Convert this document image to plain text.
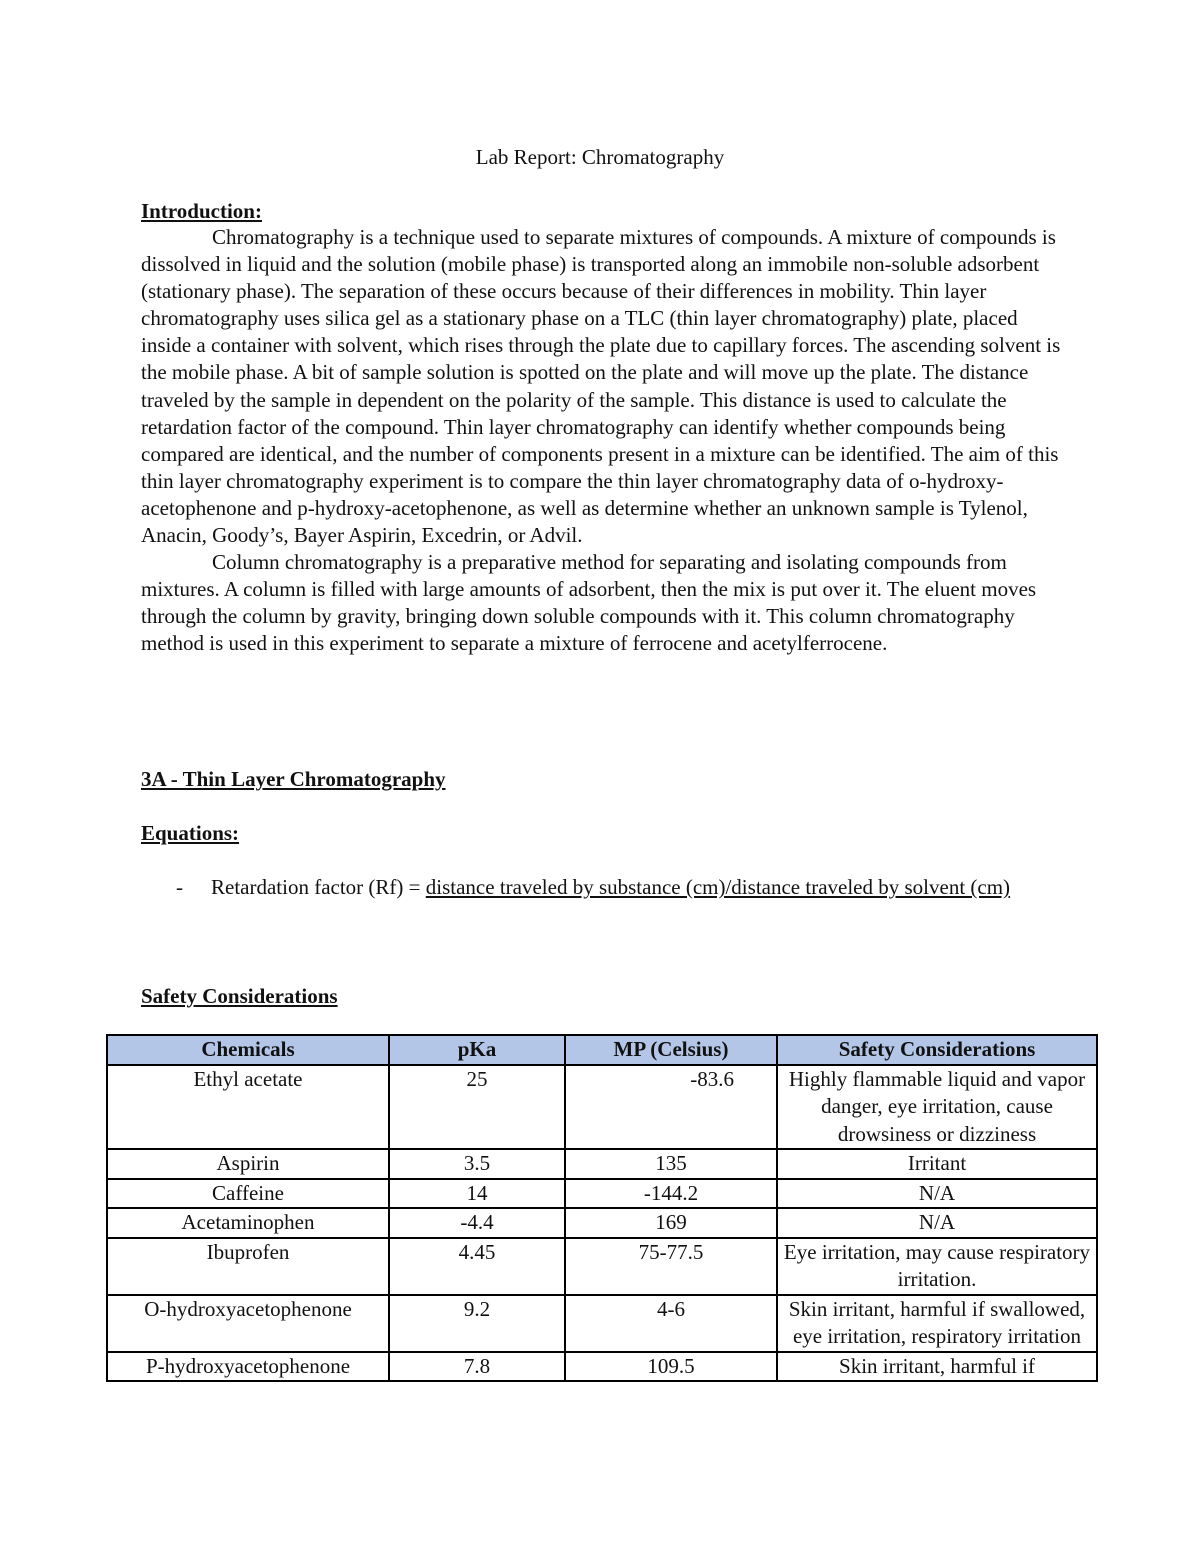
Lab Report: Chromatography
Introduction:

Chromatography is a technique used to separate mixtures of compounds. A mixture of compounds is dissolved in liquid and the solution (mobile phase) is transported along an immobile non-soluble adsorbent (stationary phase). The separation of these occurs because of their differences in mobility. Thin layer chromatography uses silica gel as a stationary phase on a TLC (thin layer chromatography) plate, placed inside a container with solvent, which rises through the plate due to capillary forces. The ascending solvent is the mobile phase. A bit of sample solution is spotted on the plate and will move up the plate. The distance traveled by the sample in dependent on the polarity of the sample. This distance is used to calculate the retardation factor of the compound. Thin layer chromatography can identify whether compounds being compared are identical, and the number of components present in a mixture can be identified. The aim of this thin layer chromatography experiment is to compare the thin layer chromatography data of o-hydroxy-acetophenone and p-hydroxy-acetophenone, as well as determine whether an unknown sample is Tylenol, Anacin, Goody’s, Bayer Aspirin, Excedrin, or Advil.

Column chromatography is a preparative method for separating and isolating compounds from mixtures. A column is filled with large amounts of adsorbent, then the mix is put over it. The eluent moves through the column by gravity, bringing down soluble compounds with it. This column chromatography method is used in this experiment to separate a mixture of ferrocene and acetylferrocene.

3A - Thin Layer Chromatography
Equations:
- Retardation factor (Rf) = distance traveled by substance (cm)/distance traveled by solvent (cm)
Safety Considerations
Chemicals	pKa	MP (Celsius)	Safety Considerations
Ethyl acetate	25	-83.6	Highly flammable liquid and vapor danger, eye irritation, cause drowsiness or dizziness
Aspirin	3.5	135	Irritant
Caffeine	14	-144.2	N/A
Acetaminophen	-4.4	169	N/A
Ibuprofen	4.45	75-77.5	Eye irritation, may cause respiratory irritation.
O-hydroxyacetophenone	9.2	4-6	Skin irritant, harmful if swallowed, eye irritation, respiratory irritation
P-hydroxyacetophenone	7.8	109.5	Skin irritant, harmful if
